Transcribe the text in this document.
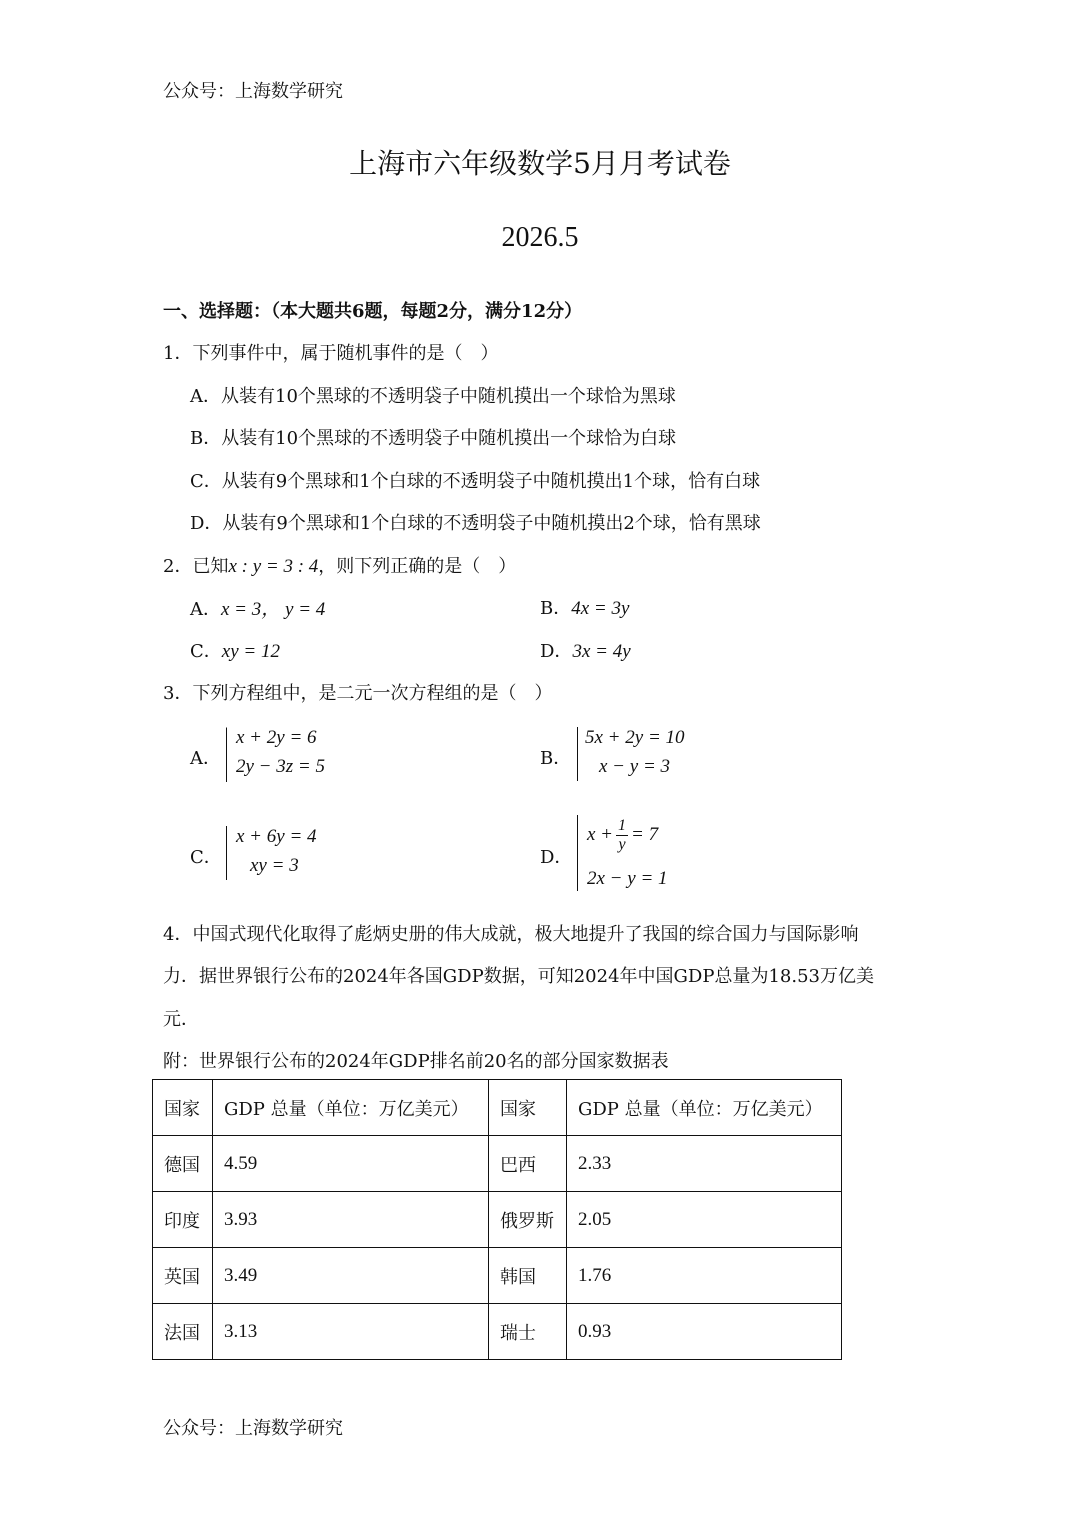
公众号：上海数学研究
上海市六年级数学5月月考试卷
2026.5
一、选择题：（本大题共6题，每题2分，满分12分）
1．下列事件中，属于随机事件的是（　）
A．从装有10个黑球的不透明袋子中随机摸出一个球恰为黑球
B．从装有10个黑球的不透明袋子中随机摸出一个球恰为白球
C．从装有9个黑球和1个白球的不透明袋子中随机摸出1个球，恰有白球
D．从装有9个黑球和1个白球的不透明袋子中随机摸出2个球，恰有黑球
2．已知x : y = 3 : 4，则下列正确的是（　）
A．x = 3， y = 4	B．4x = 3y
C．xy = 12	D．3x = 4y
3．下列方程组中，是二元一次方程组的是（　）
A．
x + 2y = 6
2y − 3z = 5	B．
5x + 2y = 10
x − y = 3
C．
x + 6y = 4
xy = 3	D．
$x + \frac{1}{y} = 7$
2x − y = 1
4．中国式现代化取得了彪炳史册的伟大成就，极大地提升了我国的综合国力与国际影响
力．据世界银行公布的2024年各国GDP数据，可知2024年中国GDP总量为18.53万亿美
元．
附：世界银行公布的2024年GDP排名前20名的部分国家数据表
国家	GDP 总量（单位：万亿美元）	国家	GDP 总量（单位：万亿美元）
德国	4.59	巴西	2.33
印度	3.93	俄罗斯	2.05
英国	3.49	韩国	1.76
法国	3.13	瑞士	0.93
公众号：上海数学研究
